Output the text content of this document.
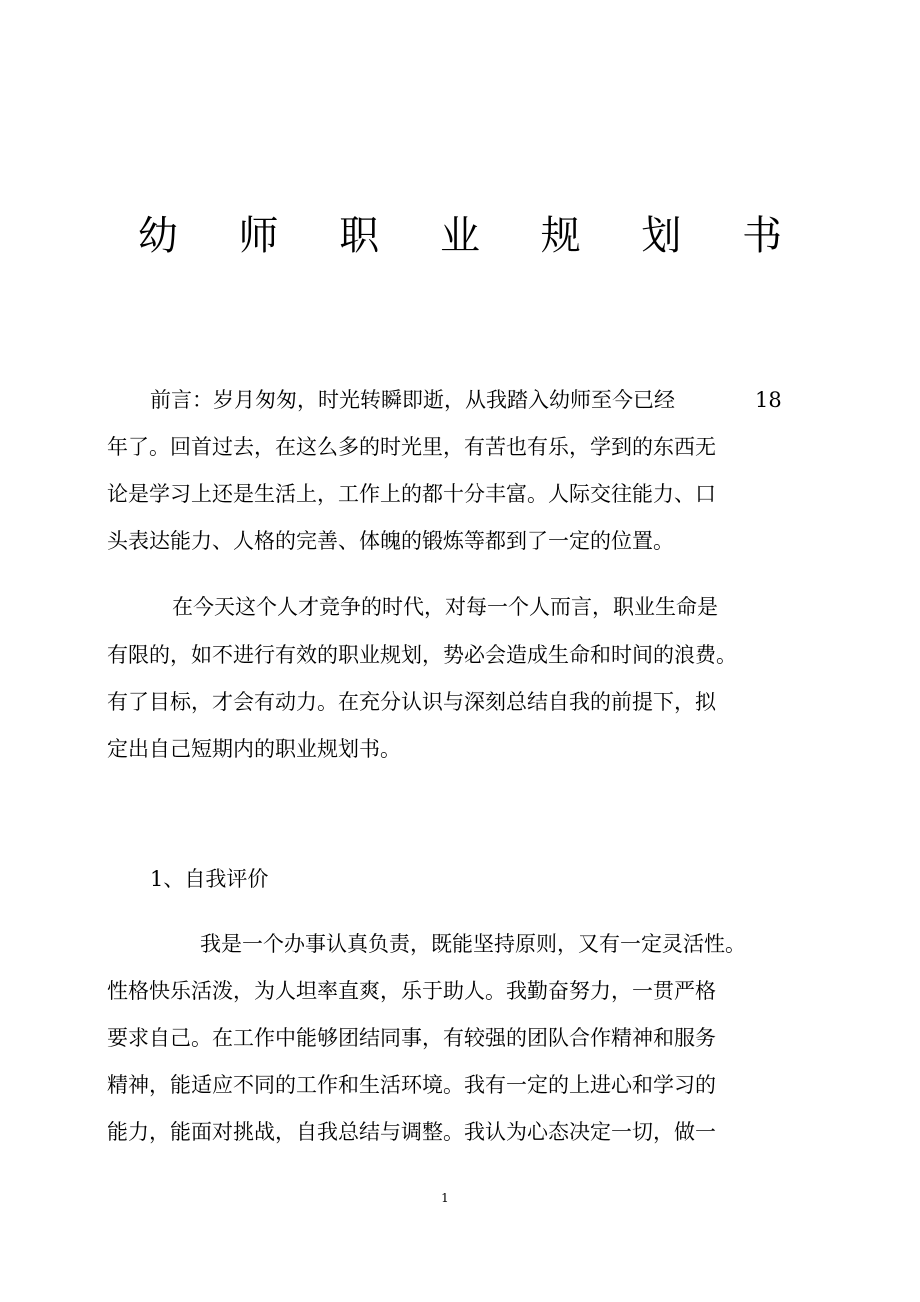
幼 师 职 业 规 划 书
前言：岁月匆匆，时光转瞬即逝，从我踏入幼师至今已经	18
年了。回首过去，在这么多的时光里，有苦也有乐，学到的东西无
论是学习上还是生活上，工作上的都十分丰富。人际交往能力、口
头表达能力、人格的完善、体魄的锻炼等都到了一定的位置。
在今天这个人才竞争的时代，对每一个人而言，职业生命是
有限的，如不进行有效的职业规划，势必会造成生命和时间的浪费。
有了目标，才会有动力。在充分认识与深刻总结自我的前提下，拟
定出自己短期内的职业规划书。
1、自我评价
我是一个办事认真负责，既能坚持原则，又有一定灵活性。
性格快乐活泼，为人坦率直爽，乐于助人。我勤奋努力，一贯严格
要求自己。在工作中能够团结同事，有较强的团队合作精神和服务
精神，能适应不同的工作和生活环境。我有一定的上进心和学习的
能力，能面对挑战，自我总结与调整。我认为心态决定一切，做一
1
